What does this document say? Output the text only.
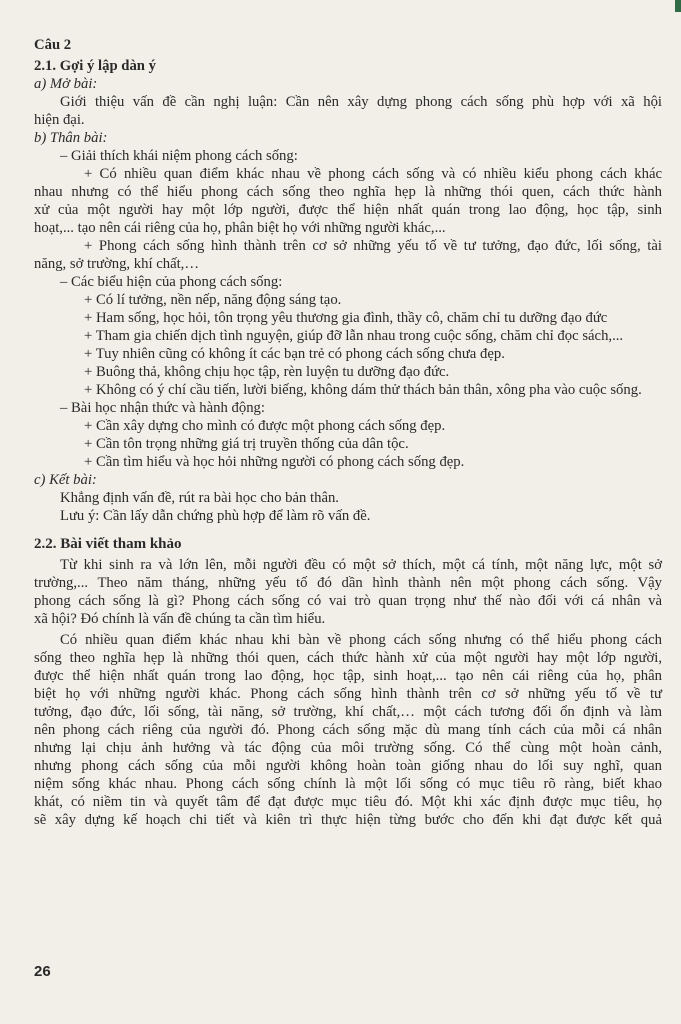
Câu 2
2.1. Gợi ý lập dàn ý
a) Mở bài:
Giới thiệu vấn đề cần nghị luận: Cần nên xây dựng phong cách sống phù hợp với xã hội
hiện đại.
b) Thân bài:
– Giải thích khái niệm phong cách sống:
+ Có nhiều quan điểm khác nhau về phong cách sống và có nhiều kiểu phong cách khác
nhau nhưng có thể hiểu phong cách sống theo nghĩa hẹp là những thói quen, cách thức hành
xử của một người hay một lớp người, được thể hiện nhất quán trong lao động, học tập, sinh
hoạt,... tạo nên cái riêng của họ, phân biệt họ với những người khác,...
+ Phong cách sống hình thành trên cơ sở những yếu tố về tư tưởng, đạo đức, lối sống, tài
năng, sở trường, khí chất,…
– Các biểu hiện của phong cách sống:
+ Có lí tưởng, nền nếp, năng động sáng tạo.
+ Ham sống, học hỏi, tôn trọng yêu thương gia đình, thầy cô, chăm chỉ tu dưỡng đạo đức
+ Tham gia chiến dịch tình nguyện, giúp đỡ lẫn nhau trong cuộc sống, chăm chỉ đọc sách,...
+ Tuy nhiên cũng có không ít các bạn trẻ có phong cách sống chưa đẹp.
+ Buông thả, không chịu học tập, rèn luyện tu dưỡng đạo đức.
+ Không có ý chí cầu tiến, lười biếng, không dám thử thách bản thân, xông pha vào cuộc sống.
– Bài học nhận thức và hành động:
+ Cần xây dựng cho mình có được một phong cách sống đẹp.
+ Cần tôn trọng những giá trị truyền thống của dân tộc.
+ Cần tìm hiểu và học hỏi những người có phong cách sống đẹp.
c) Kết bài:
Khẳng định vấn đề, rút ra bài học cho bản thân.
Lưu ý: Cần lấy dẫn chứng phù hợp để làm rõ vấn đề.
2.2. Bài viết tham khảo
Từ khi sinh ra và lớn lên, mỗi người đều có một sở thích, một cá tính, một năng lực, một sở
trường,... Theo năm tháng, những yếu tố đó dần hình thành nên một phong cách sống. Vậy
phong cách sống là gì? Phong cách sống có vai trò quan trọng như thế nào đối với cá nhân và
xã hội? Đó chính là vấn đề chúng ta cần tìm hiểu.
Có nhiều quan điểm khác nhau khi bàn về phong cách sống nhưng có thể hiểu phong cách
sống theo nghĩa hẹp là những thói quen, cách thức hành xử của một người hay một lớp người,
được thể hiện nhất quán trong lao động, học tập, sinh hoạt,... tạo nên cái riêng của họ, phân
biệt họ với những người khác. Phong cách sống hình thành trên cơ sở những yếu tố về tư
tưởng, đạo đức, lối sống, tài năng, sở trường, khí chất,… một cách tương đối ổn định và làm
nên phong cách riêng của người đó. Phong cách sống mặc dù mang tính cách của mỗi cá nhân
nhưng lại chịu ảnh hưởng và tác động của môi trường sống. Có thể cùng một hoàn cảnh,
nhưng phong cách sống của mỗi người không hoàn toàn giống nhau do lối suy nghĩ, quan
niệm sống khác nhau. Phong cách sống chính là một lối sống có mục tiêu rõ ràng, biết khao
khát, có niềm tin và quyết tâm để đạt được mục tiêu đó. Một khi xác định được mục tiêu, họ
sẽ xây dựng kế hoạch chi tiết và kiên trì thực hiện từng bước cho đến khi đạt được kết quả
26
